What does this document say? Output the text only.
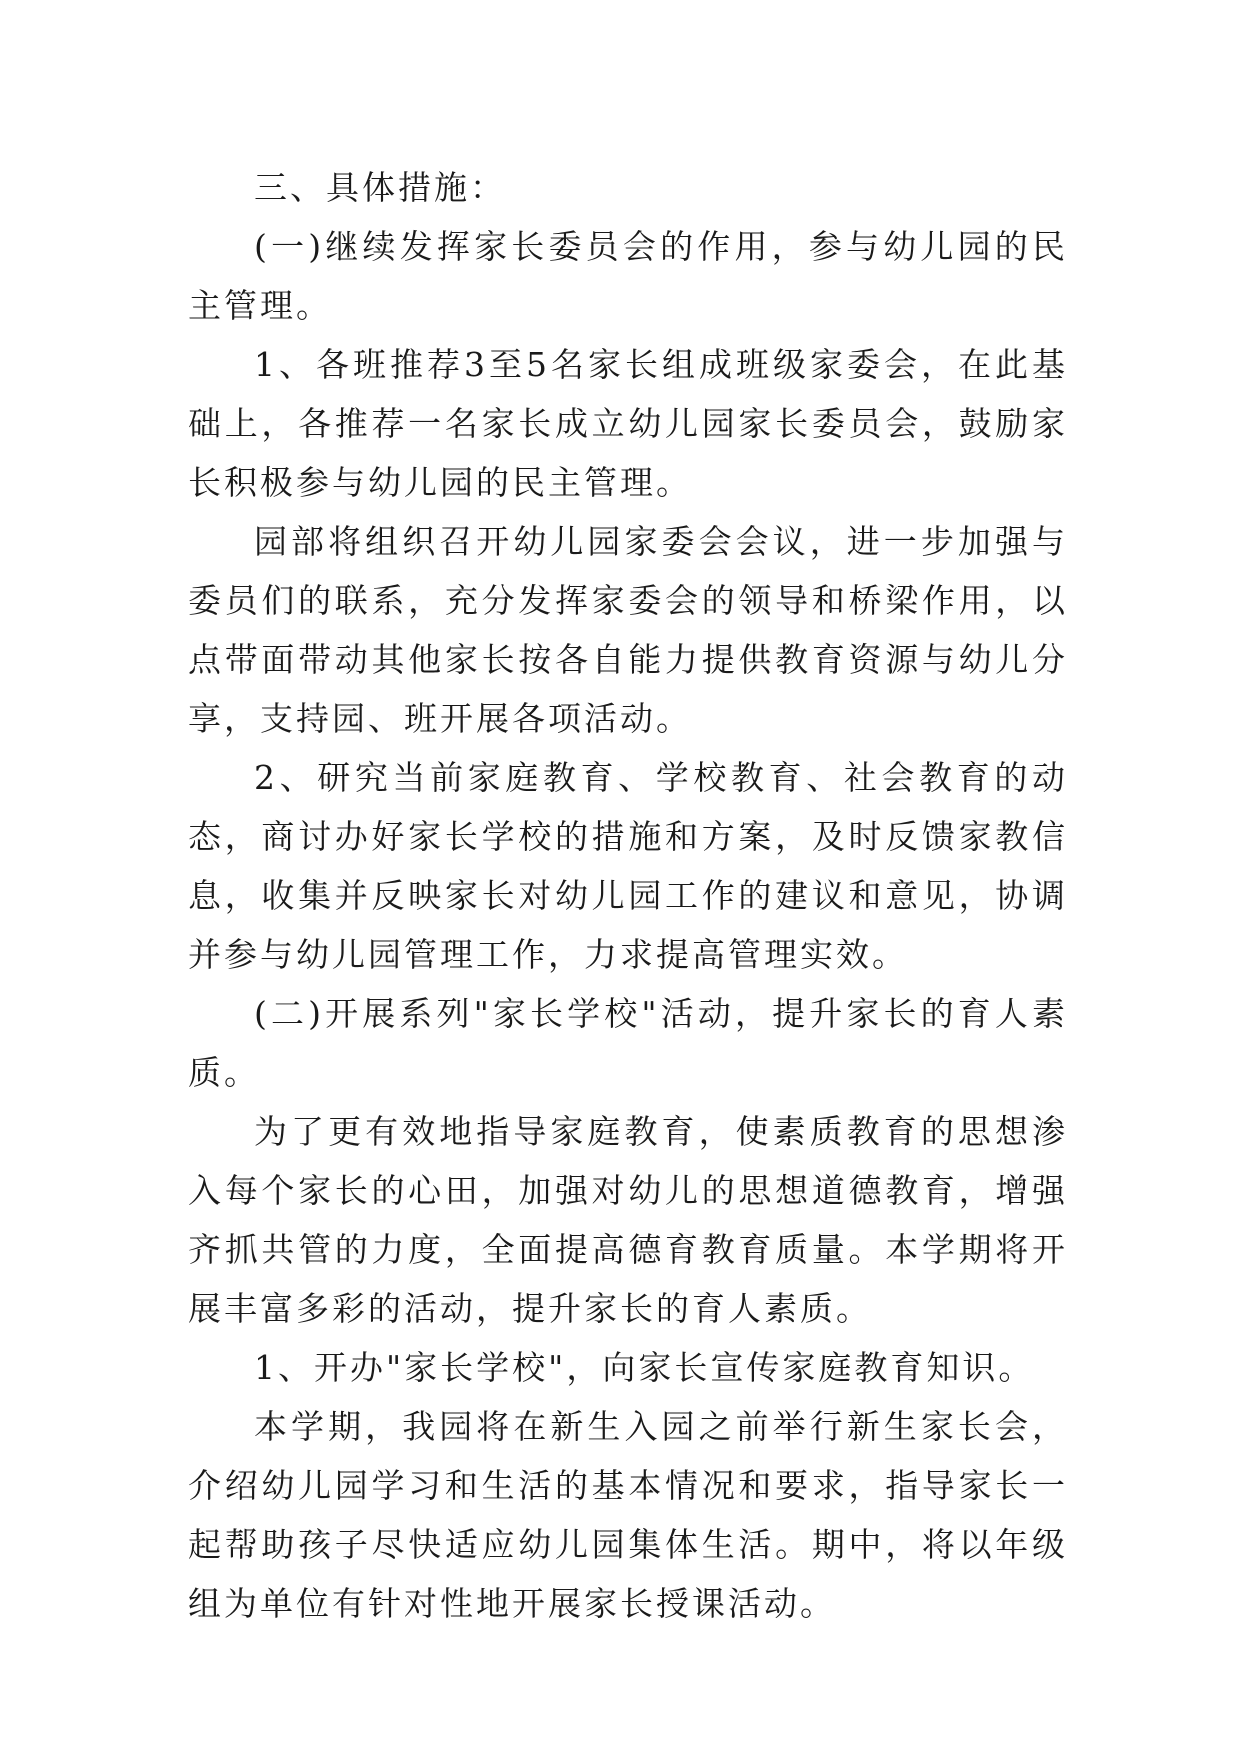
三、具体措施：

(一)继续发挥家长委员会的作用，参与幼儿园的民主管理。

1、各班推荐3至5名家长组成班级家委会，在此基础上，各推荐一名家长成立幼儿园家长委员会，鼓励家长积极参与幼儿园的民主管理。

园部将组织召开幼儿园家委会会议，进一步加强与委员们的联系，充分发挥家委会的领导和桥梁作用，以点带面带动其他家长按各自能力提供教育资源与幼儿分享，支持园、班开展各项活动。

2、研究当前家庭教育、学校教育、社会教育的动态，商讨办好家长学校的措施和方案，及时反馈家教信息，收集并反映家长对幼儿园工作的建议和意见，协调并参与幼儿园管理工作，力求提高管理实效。

(二)开展系列"家长学校"活动，提升家长的育人素质。

为了更有效地指导家庭教育，使素质教育的思想渗入每个家长的心田，加强对幼儿的思想道德教育，增强齐抓共管的力度，全面提高德育教育质量。本学期将开展丰富多彩的活动，提升家长的育人素质。

1、开办"家长学校"，向家长宣传家庭教育知识。

本学期，我园将在新生入园之前举行新生家长会，介绍幼儿园学习和生活的基本情况和要求，指导家长一起帮助孩子尽快适应幼儿园集体生活。期中，将以年级组为单位有针对性地开展家长授课活动。
